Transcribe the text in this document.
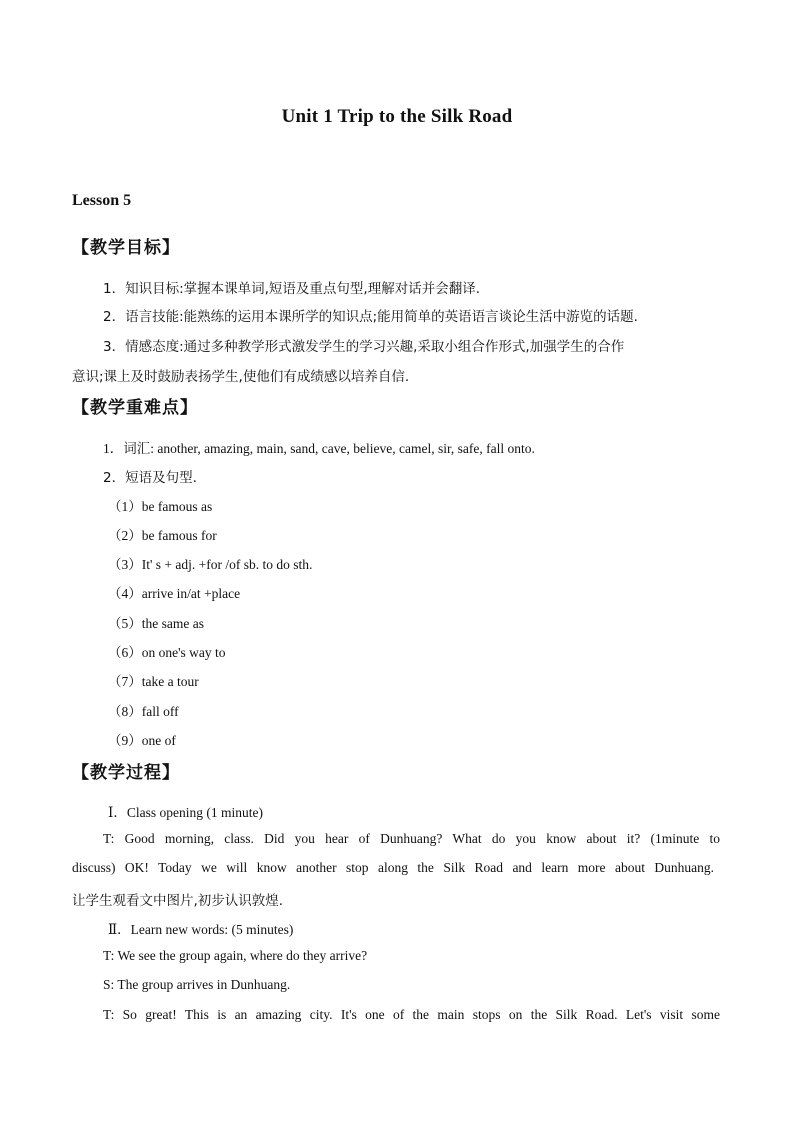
Unit 1 Trip to the Silk Road
Lesson 5
【教学目标】
1．知识目标:掌握本课单词,短语及重点句型,理解对话并会翻译.
2．语言技能:能熟练的运用本课所学的知识点;能用简单的英语语言谈论生活中游览的话题.
3．情感态度:通过多种教学形式激发学生的学习兴趣,采取小组合作形式,加强学生的合作
意识;课上及时鼓励表扬学生,使他们有成绩感以培养自信.
【教学重难点】
1．词汇: another, amazing, main, sand, cave, believe, camel, sir, safe, fall onto.
2．短语及句型.
（1）be famous as
（2）be famous for
（3）It' s + adj. +for /of sb. to do sth.
（4）arrive in/at +place
（5）the same as
（6）on one's way to
（7）take a tour
（8）fall off
（9）one of
【教学过程】
Ⅰ．Class opening (1 minute)
T: Good morning, class. Did you hear of Dunhuang? What do you know about it? (1minute to
discuss) OK! Today we will know another stop along the Silk Road and learn more about Dunhuang.
让学生观看文中图片,初步认识敦煌.
Ⅱ．Learn new words: (5 minutes)
T: We see the group again, where do they arrive?
S: The group arrives in Dunhuang.
T: So great! This is an amazing city. It's one of the main stops on the Silk Road. Let's visit some
